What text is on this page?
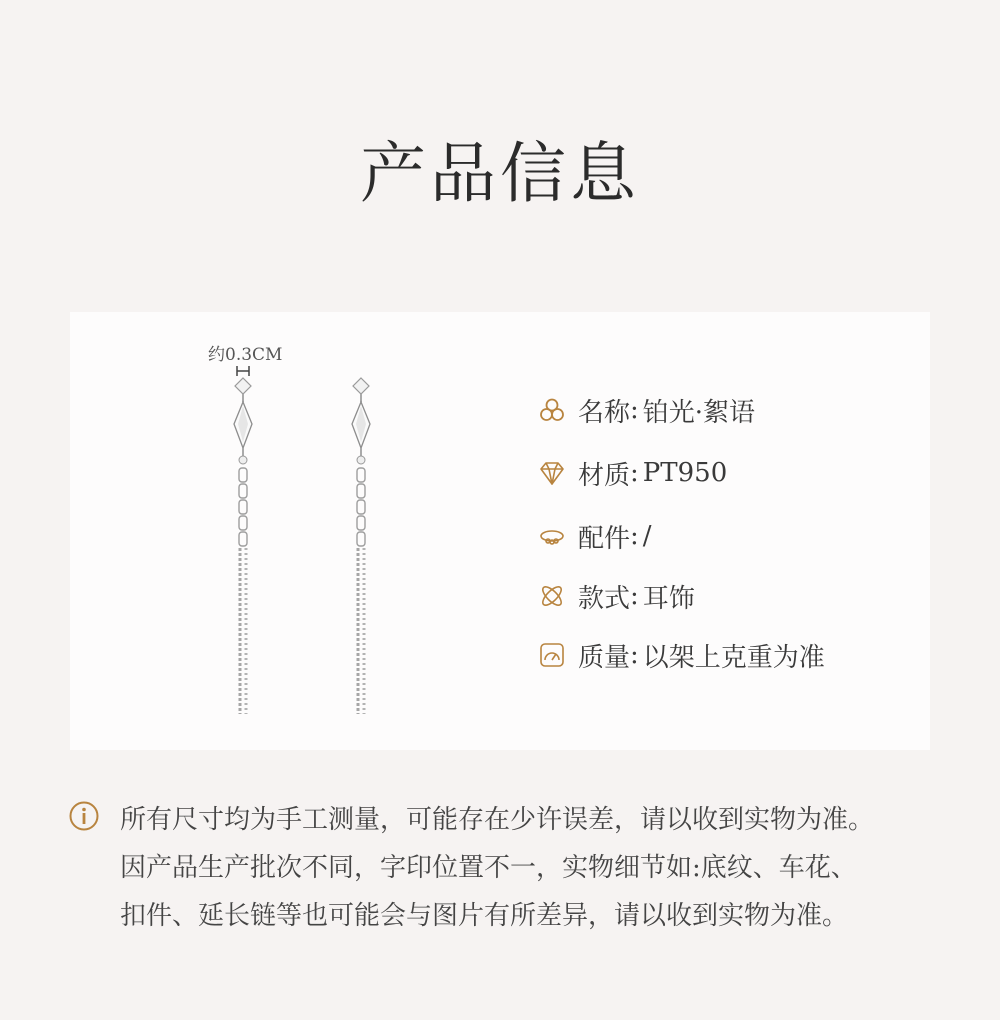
产品信息
约0.3CM
名称 : 铂光·絮语
材质 : PT950
配件 : /
款式 : 耳饰
质量 : 以架上克重为准
所有尺寸均为手工测量，可能存在少许误差，请以收到实物为准。
因产品生产批次不同，字印位置不一，实物细节如:底纹、车花、
扣件、延长链等也可能会与图片有所差异，请以收到实物为准。
